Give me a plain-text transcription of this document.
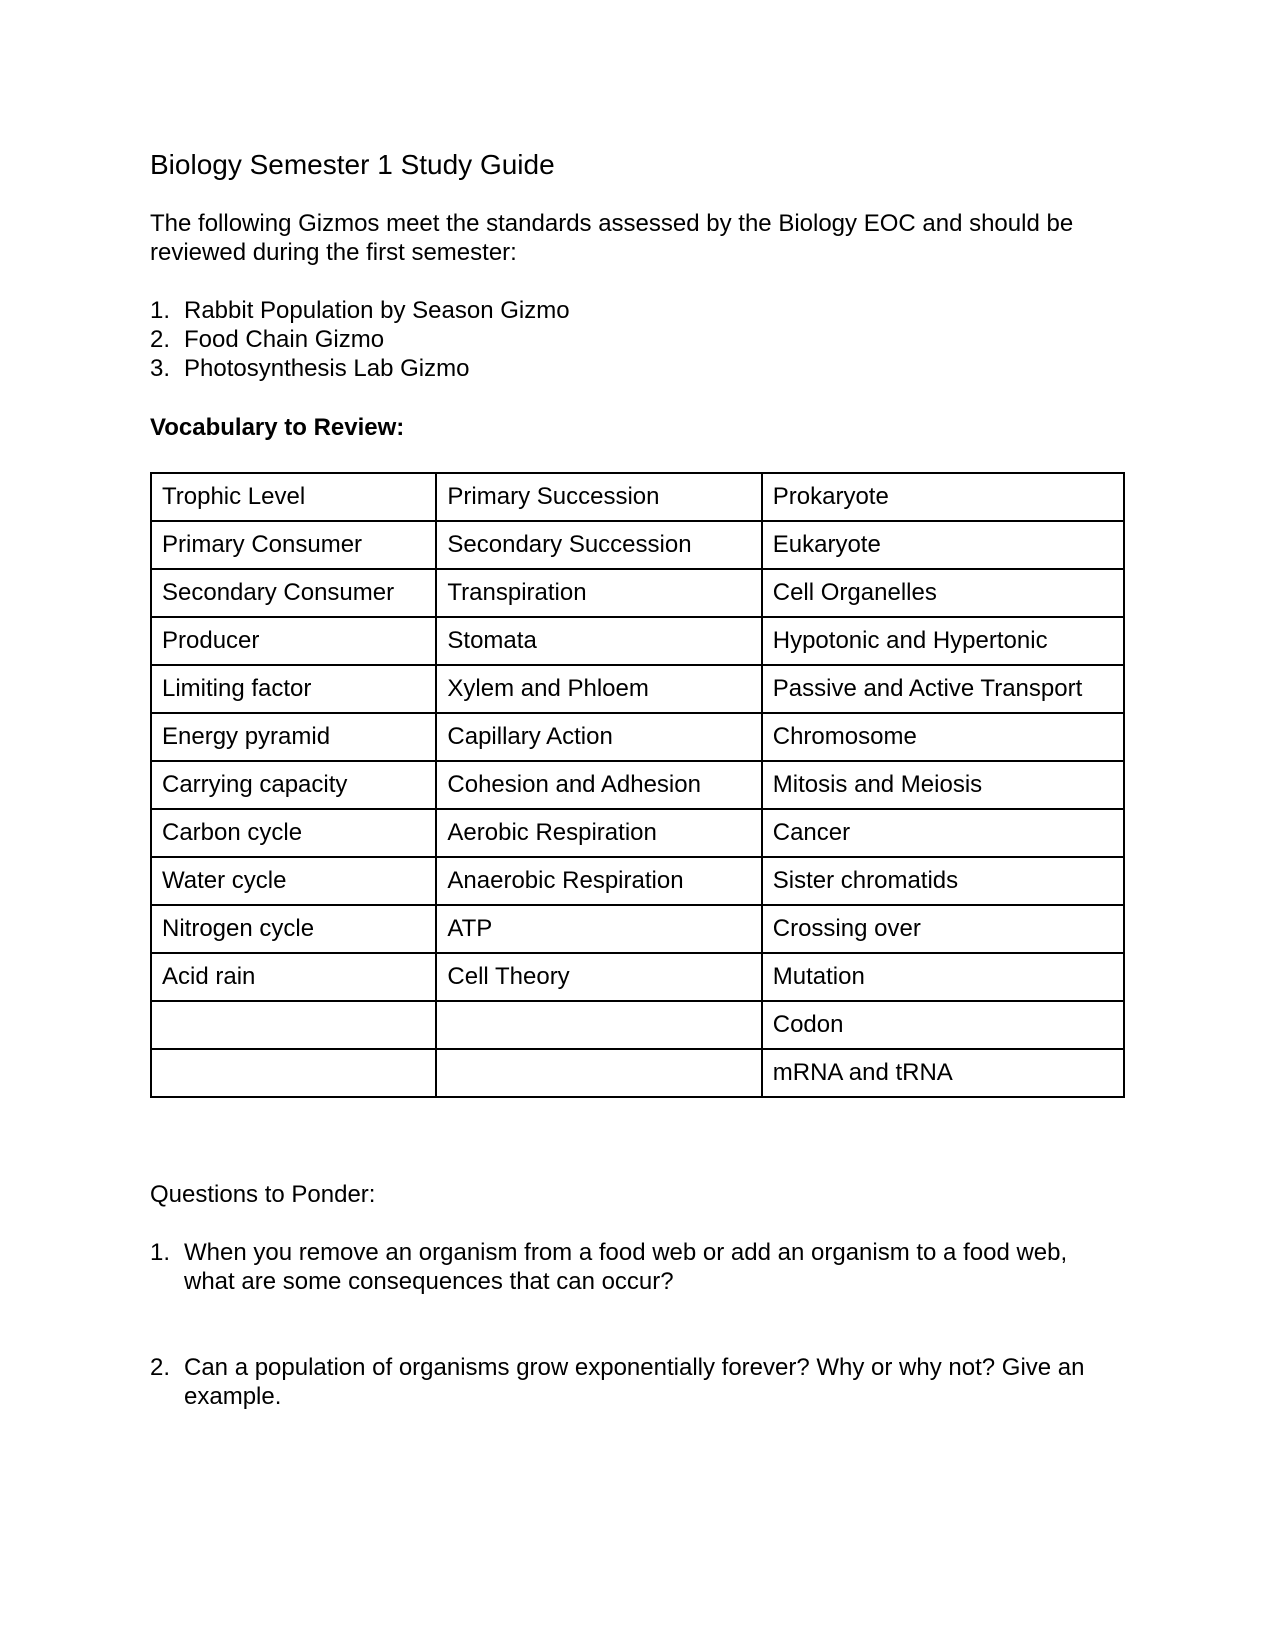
Biology Semester 1 Study Guide

The following Gizmos meet the standards assessed by the Biology EOC and should be reviewed during the first semester:

1. Rabbit Population by Season Gizmo
2. Food Chain Gizmo
3. Photosynthesis Lab Gizmo
Vocabulary to Review:
Trophic Level	Primary Succession	Prokaryote
Primary Consumer	Secondary Succession	Eukaryote
Secondary Consumer	Transpiration	Cell Organelles
Producer	Stomata	Hypotonic and Hypertonic
Limiting factor	Xylem and Phloem	Passive and Active Transport
Energy pyramid	Capillary Action	Chromosome
Carrying capacity	Cohesion and Adhesion	Mitosis and Meiosis
Carbon cycle	Aerobic Respiration	Cancer
Water cycle	Anaerobic Respiration	Sister chromatids
Nitrogen cycle	ATP	Crossing over
Acid rain	Cell Theory	Mutation
		Codon
		mRNA and tRNA

Questions to Ponder:

1. When you remove an organism from a food web or add an organism to a food web, what are some consequences that can occur?
2. Can a population of organisms grow exponentially forever? Why or why not? Give an example.
